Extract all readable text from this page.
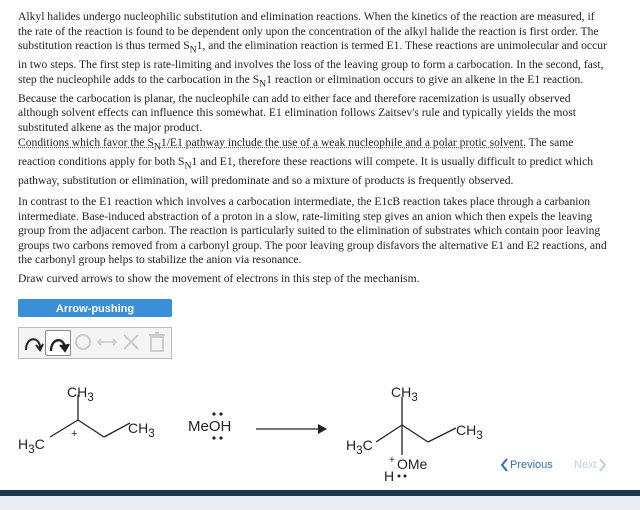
Alkyl halides undergo nucleophilic substitution and elimination reactions. When the kinetics of the reaction are measured, if the rate of the reaction is found to be dependent only upon the concentration of the alkyl halide the reaction is first order. The substitution reaction is thus termed $S_N1$, and the elimination reaction is termed E1. These reactions are unimolecular and occur in two steps. The first step is rate-limiting and involves the loss of the leaving group to form a carbocation. In the second, fast, step the nucleophile adds to the carbocation in the $S_N1$ reaction or elimination occurs to give an alkene in the E1 reaction. Because the carbocation is planar, the nucleophile can add to either face and therefore racemization is usually observed although solvent effects can influence this somewhat. E1 elimination follows Zaitsev's rule and typically yields the most substituted alkene as the major product.
Conditions which favor the $S_N1/E1$ pathway include the use of a weak nucleophile and a polar protic solvent. The same reaction conditions apply for both $S_N1$ and E1, therefore these reactions will compete. It is usually difficult to predict which pathway, substitution or elimination, will predominate and so a mixture of products is frequently observed.
In contrast to the E1 reaction which involves a carbocation intermediate, the E1cB reaction takes place through a carbanion intermediate. Base-induced abstraction of a proton in a slow, rate-limiting step gives an anion which then expels the leaving group from the adjacent carbon. The reaction is particularly suited to the elimination of substrates which contain poor leaving groups two carbons removed from a carbonyl group. The poor leaving group disfavors the alternative E1 and E2 reactions, and the carbonyl group helps to stabilize the anion via resonance.
Draw curved arrows to show the movement of electrons in this step of the mechanism.
Arrow-pushing
$CH_3$
$CH_3$
$H_3C$
+	MeOH
$CH_3$
$CH_3$
$H_3C$
+ OMe
H
Previous Next
